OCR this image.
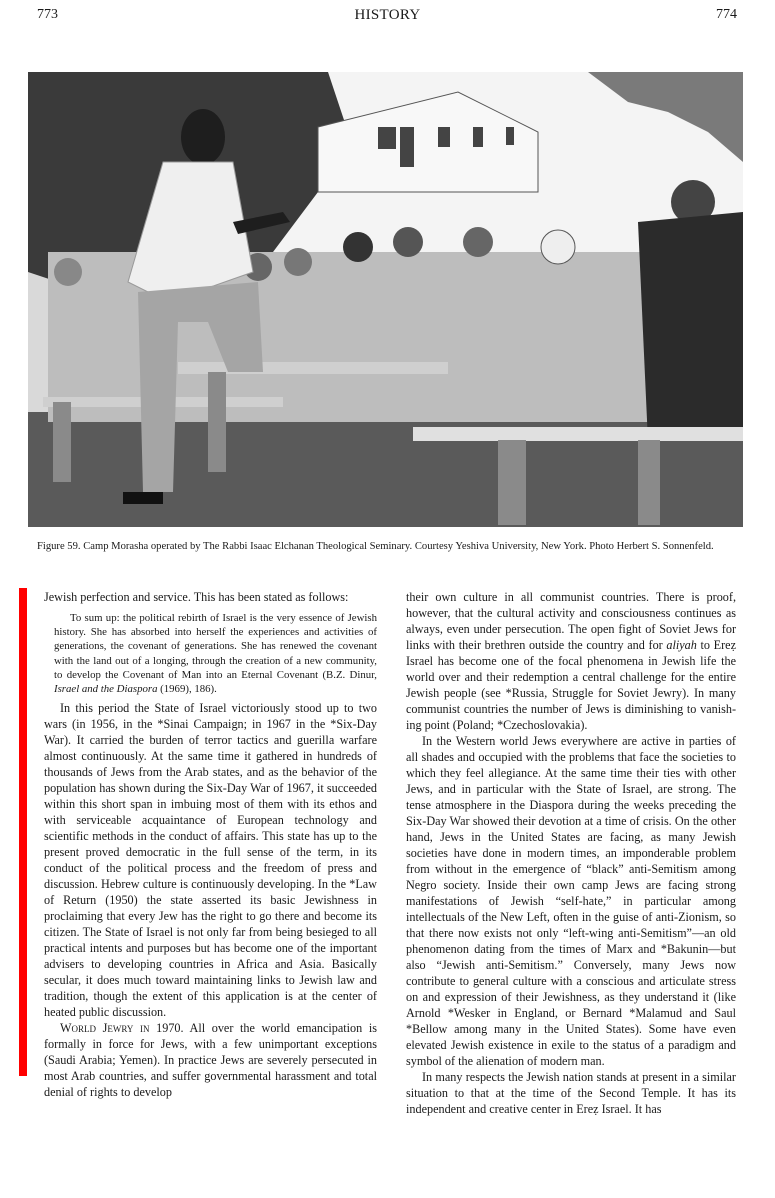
773	HISTORY	774
Figure 59. Camp Morasha operated by The Rabbi Isaac Elchanan Theological Seminary. Courtesy Yeshiva University, New York. Photo Herbert S. Sonnenfeld.

Jewish perfection and service. This has been stated as follows:

To sum up: the political rebirth of Israel is the very essence of Jewish history. She has absorbed into herself the experiences and activities of generations, the covenant of generations. She has renewed the covenant with the land out of a longing, through the creation of a new community, to develop the Covenant of Man into an Eternal Covenant (B.Z. Dinur, Israel and the Diaspora (1969), 186).

In this period the State of Israel victoriously stood up to two wars (in 1956, in the *Sinai Campaign; in 1967 in the *Six-Day War). It carried the burden of terror tactics and guerilla warfare almost continuously. At the same time it gathered in hundreds of thousands of Jews from the Arab states, and as the behavior of the population has shown during the Six-Day War of 1967, it succeeded within this short span in imbuing most of them with its ethos and with serviceable acquaintance of European technology and scientific methods in the conduct of affairs. This state has up to the present proved democratic in the full sense of the term, in its conduct of the political process and the freedom of press and discussion. Hebrew culture is continuously developing. In the *Law of Return (1950) the state asserted its basic Jewishness in proclaiming that every Jew has the right to go there and become its citizen. The State of Israel is not only far from being besieged to all practical intents and purposes but has become one of the important advisers to developing countries in Africa and Asia. Basically secular, it does much toward maintaining links to Jewish law and tradition, though the extent of this application is at the center of heated public discussion.

World Jewry in 1970. All over the world emancipation is formally in force for Jews, with a few unimportant exceptions (Saudi Arabia; Yemen). In practice Jews are severely persecuted in most Arab countries, and suffer governmental harassment and total denial of rights to develop

their own culture in all communist countries. There is proof, however, that the cultural activity and consciousness continues as always, even under persecution. The open fight of Soviet Jews for links with their brethren outside the country and for aliyah to Ereẓ Israel has become one of the focal phenomena in Jewish life the world over and their redemption a central challenge for the entire Jewish people (see *Russia, Struggle for Soviet Jewry). In many communist countries the number of Jews is diminishing to vanishing point (Poland; *Czechoslovakia).

In the Western world Jews everywhere are active in parties of all shades and occupied with the problems that face the societies to which they feel allegiance. At the same time their ties with other Jews, and in particular with the State of Israel, are strong. The tense atmosphere in the Diaspora during the weeks preceding the Six-Day War showed their devotion at a time of crisis. On the other hand, Jews in the United States are facing, as many Jewish societies have done in modern times, an imponderable problem from without in the emergence of “black” anti-Semitism among Negro society. Inside their own camp Jews are facing strong manifestations of Jewish “self-hate,” in particular among intellectuals of the New Left, often in the guise of anti-Zionism, so that there now exists not only “left-wing anti-Semitism”—an old phenomenon dating from the times of Marx and *Bakunin—but also “Jewish anti-Semitism.” Conversely, many Jews now contribute to general culture with a conscious and articulate stress on and expression of their Jewishness, as they understand it (like Arnold *Wesker in England, or Bernard *Malamud and Saul *Bellow among many in the United States). Some have even elevated Jewish existence in exile to the status of a paradigm and symbol of the alienation of modern man.

In many respects the Jewish nation stands at present in a similar situation to that at the time of the Second Temple. It has its independent and creative center in Ereẓ Israel. It has
